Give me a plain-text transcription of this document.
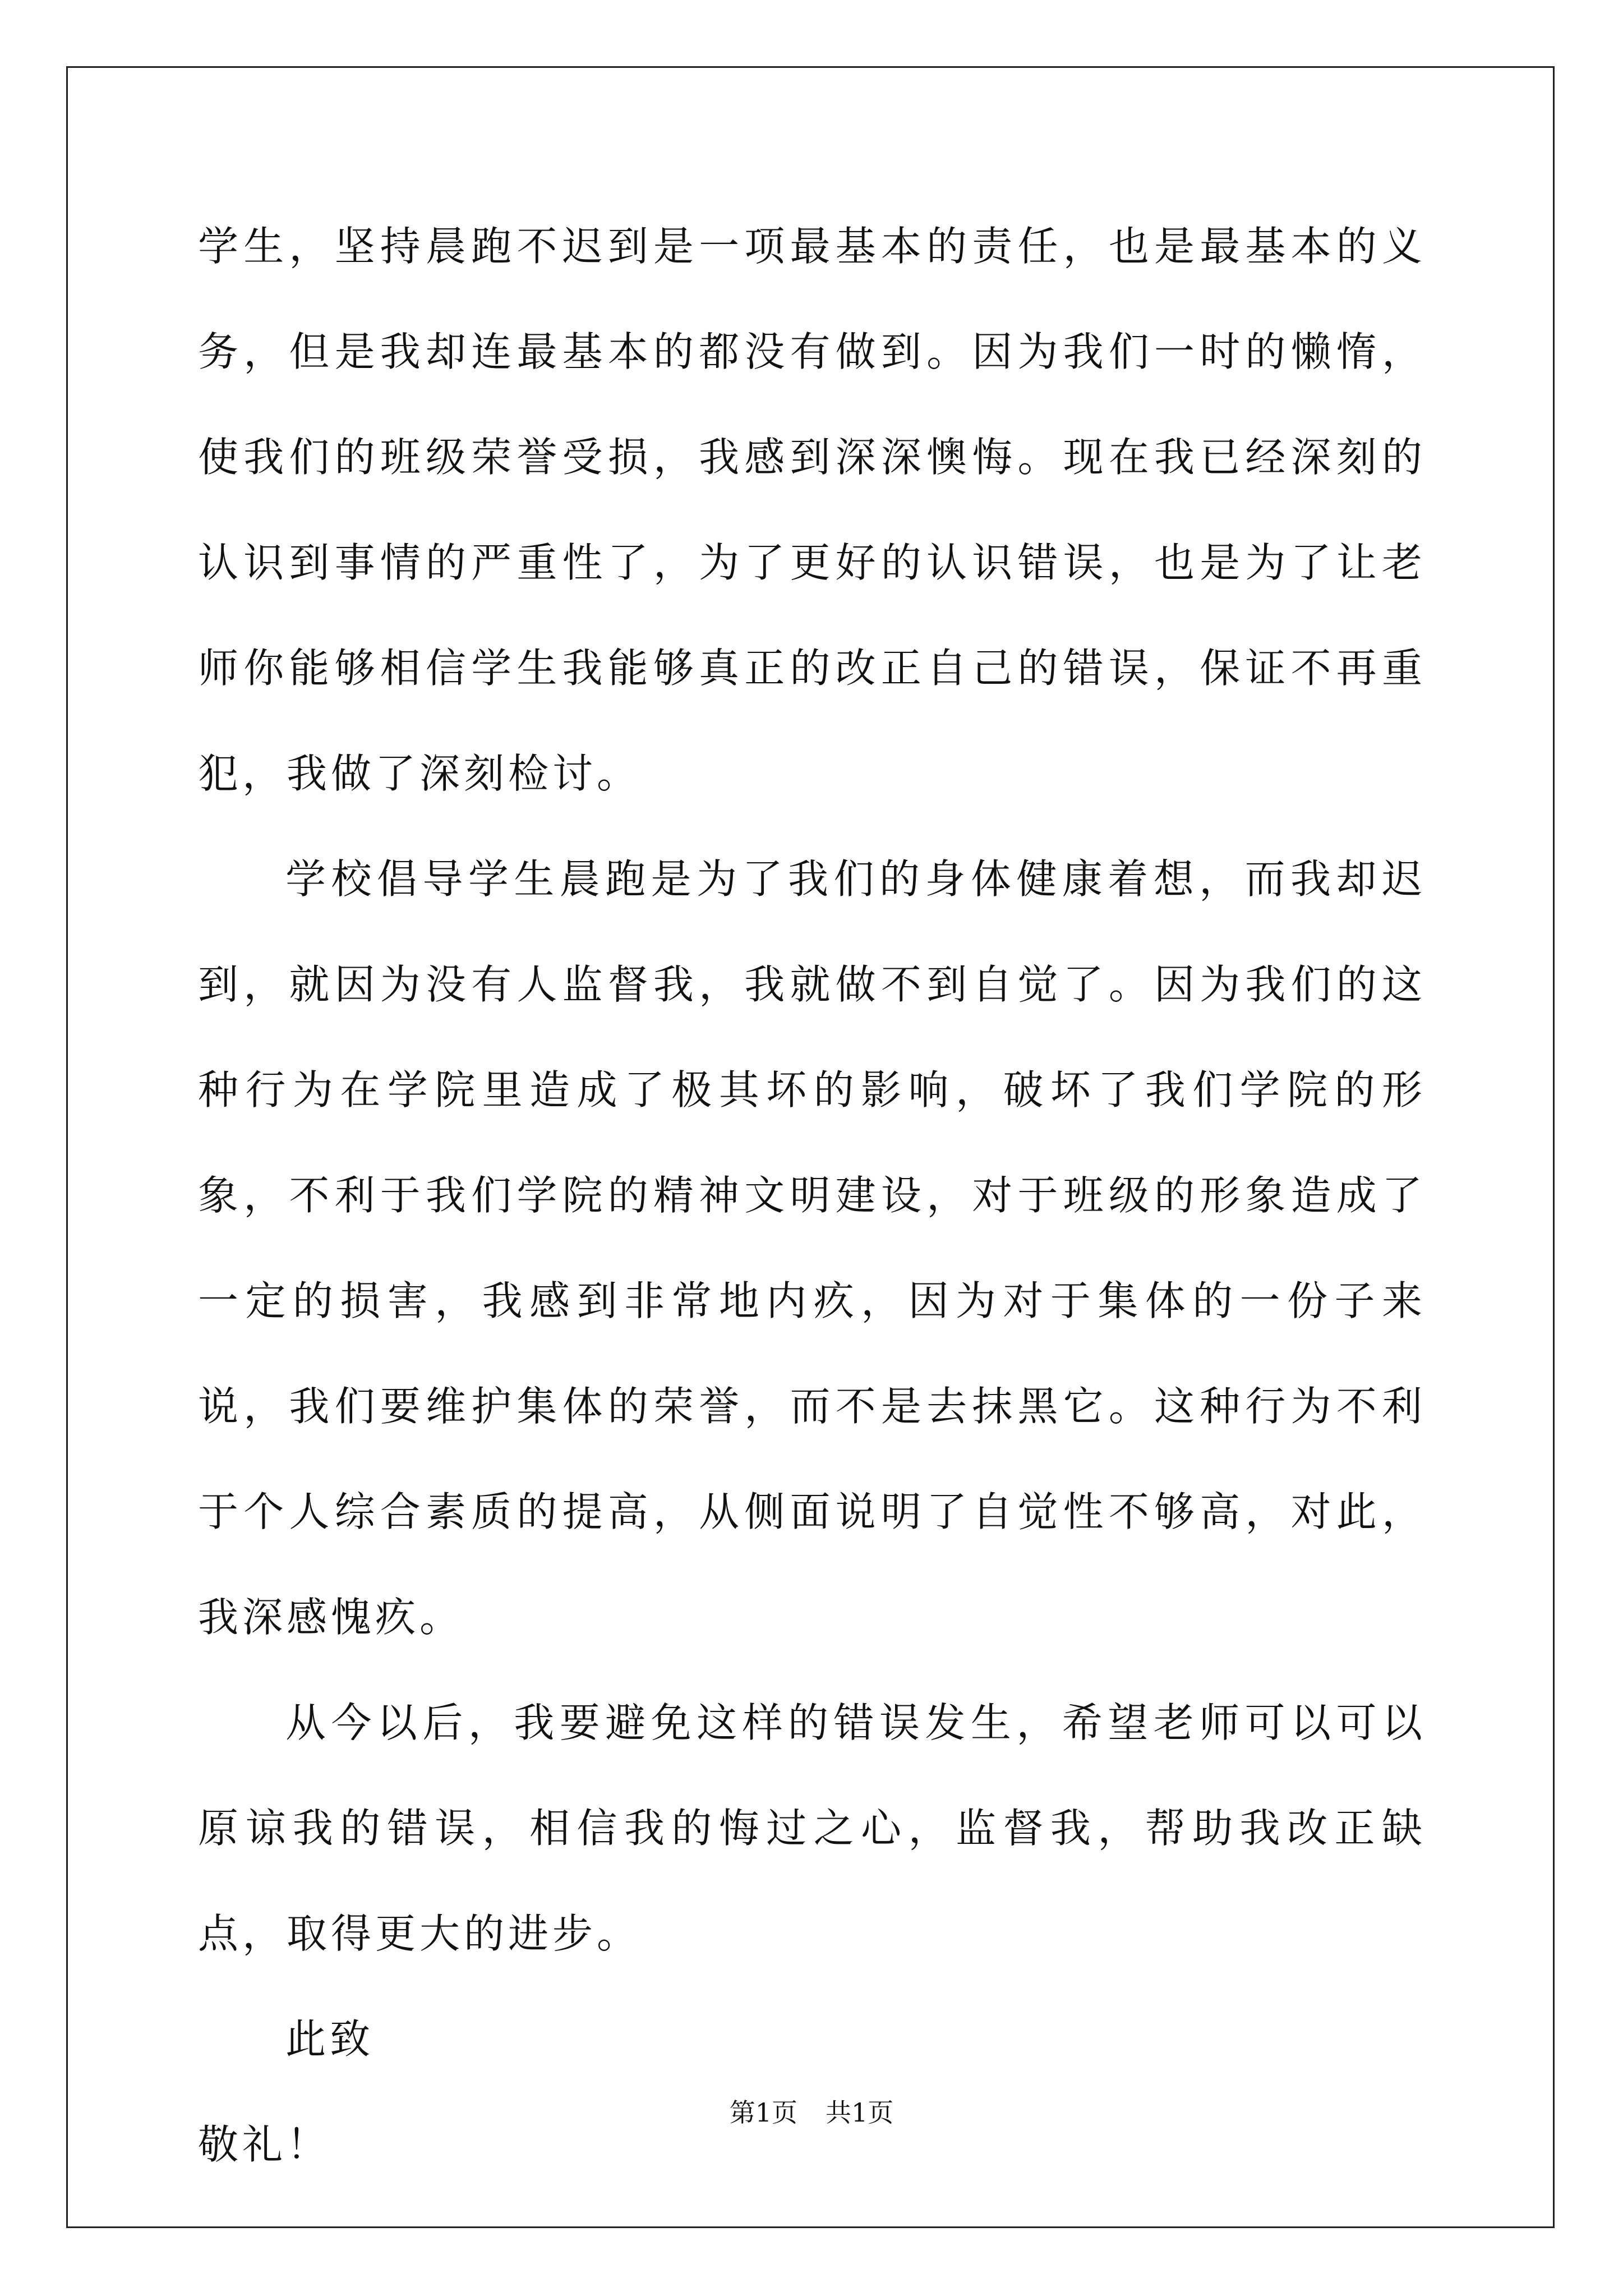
学生，坚持晨跑不迟到是一项最基本的责任，也是最基本的义务，但是我却连最基本的都没有做到。因为我们一时的懒惰，使我们的班级荣誉受损，我感到深深懊悔。现在我已经深刻的认识到事情的严重性了，为了更好的认识错误，也是为了让老师你能够相信学生我能够真正的改正自己的错误，保证不再重犯，我做了深刻检讨。

学校倡导学生晨跑是为了我们的身体健康着想，而我却迟到，就因为没有人监督我，我就做不到自觉了。因为我们的这种行为在学院里造成了极其坏的影响，破坏了我们学院的形象，不利于我们学院的精神文明建设，对于班级的形象造成了一定的损害，我感到非常地内疚，因为对于集体的一份子来说，我们要维护集体的荣誉，而不是去抹黑它。这种行为不利于个人综合素质的提高，从侧面说明了自觉性不够高，对此，我深感愧疚。

从今以后，我要避免这样的错误发生，希望老师可以可以原谅我的错误，相信我的悔过之心，监督我，帮助我改正缺点，取得更大的进步。

此致

敬礼！

第1页 共1页
